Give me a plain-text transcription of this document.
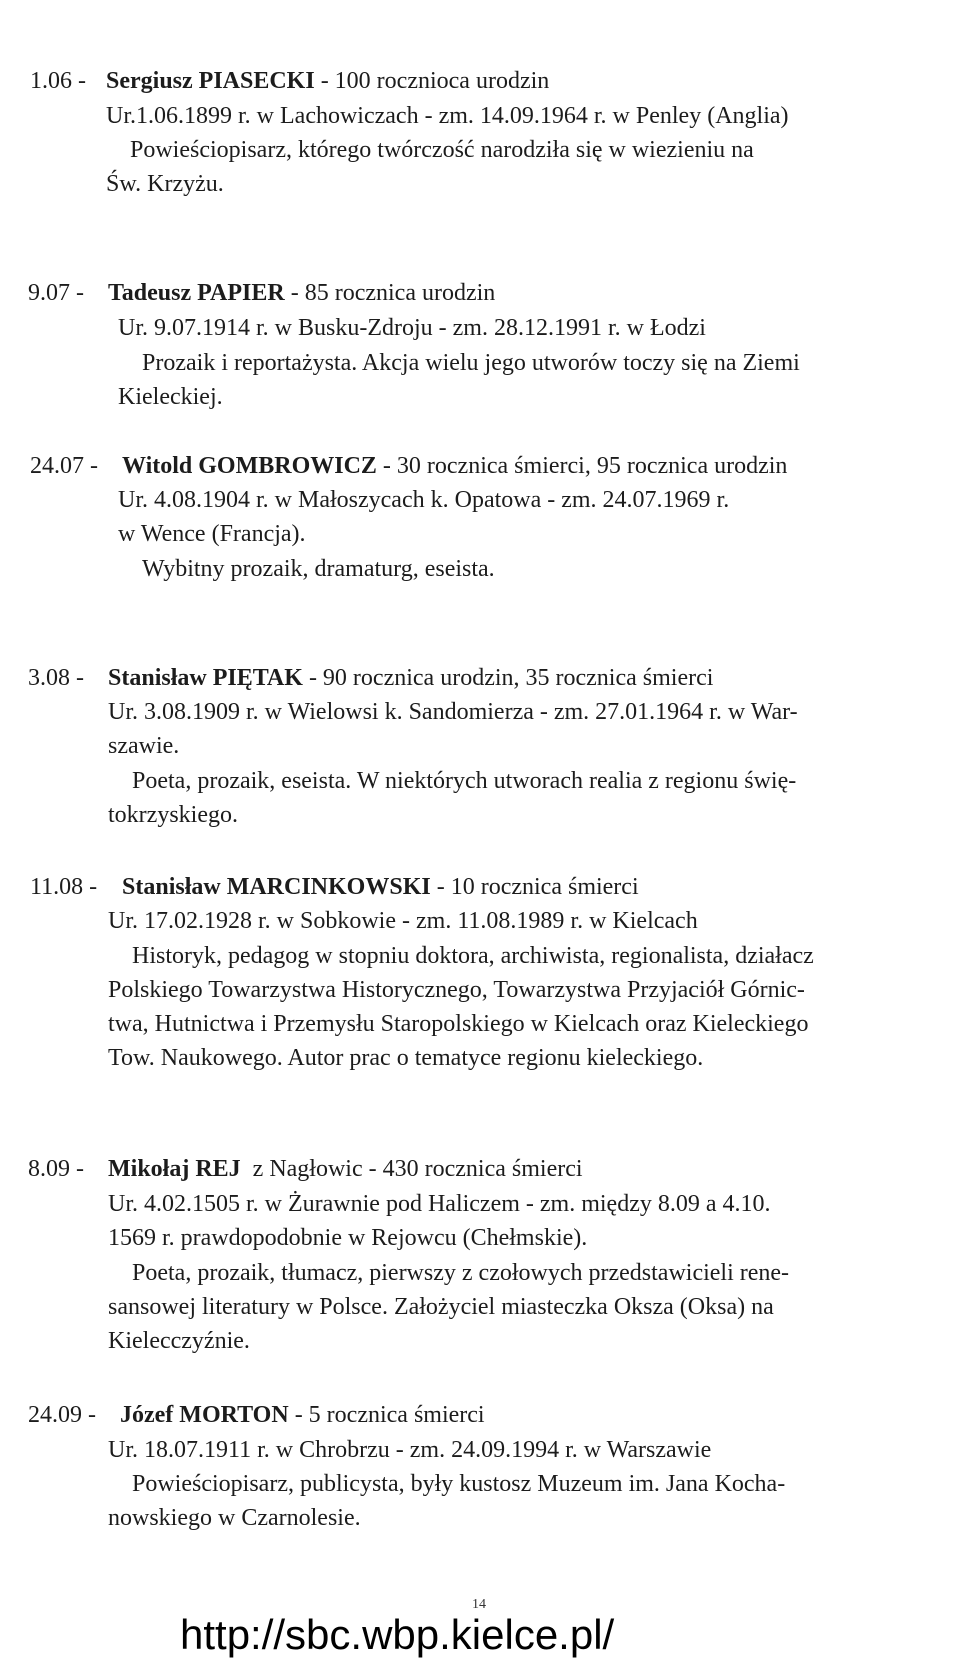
1.06 - Sergiusz PIASECKI - 100 rocznioca urodzin
Ur.1.06.1899 r. w Lachowiczach - zm. 14.09.1964 r. w Penley (Anglia)
Powieściopisarz, którego twórczość narodziła się w wiezieniu na
Św. Krzyżu.
9.07 - Tadeusz PAPIER - 85 rocznica urodzin
Ur. 9.07.1914 r. w Busku-Zdroju - zm. 28.12.1991 r. w Łodzi
Prozaik i reportażysta. Akcja wielu jego utworów toczy się na Ziemi
Kieleckiej.
24.07 - Witold GOMBROWICZ - 30 rocznica śmierci, 95 rocznica urodzin
Ur. 4.08.1904 r. w Małoszycach k. Opatowa - zm. 24.07.1969 r.
w Wence (Francja).
Wybitny prozaik, dramaturg, eseista.
3.08 - Stanisław PIĘTAK - 90 rocznica urodzin, 35 rocznica śmierci
Ur. 3.08.1909 r. w Wielowsi k. Sandomierza - zm. 27.01.1964 r. w War-
szawie.
Poeta, prozaik, eseista. W niektórych utworach realia z regionu świę-
tokrzyskiego.
11.08 - Stanisław MARCINKOWSKI - 10 rocznica śmierci
Ur. 17.02.1928 r. w Sobkowie - zm. 11.08.1989 r. w Kielcach
Historyk, pedagog w stopniu doktora, archiwista, regionalista, działacz
Polskiego Towarzystwa Historycznego, Towarzystwa Przyjaciół Górnic-
twa, Hutnictwa i Przemysłu Staropolskiego w Kielcach oraz Kieleckiego
Tow. Naukowego. Autor prac o tematyce regionu kieleckiego.
8.09 - Mikołaj REJ  z Nagłowic - 430 rocznica śmierci
Ur. 4.02.1505 r. w Żurawnie pod Haliczem - zm. między 8.09 a 4.10.
1569 r. prawdopodobnie w Rejowcu (Chełmskie).
Poeta, prozaik, tłumacz, pierwszy z czołowych przedstawicieli rene-
sansowej literatury w Polsce. Założyciel miasteczka Oksza (Oksa) na
Kielecczyźnie.
24.09 - Józef MORTON - 5 rocznica śmierci
Ur. 18.07.1911 r. w Chrobrzu - zm. 24.09.1994 r. w Warszawie
Powieściopisarz, publicysta, były kustosz Muzeum im. Jana Kocha-
nowskiego w Czarnolesie.
14
http://sbc.wbp.kielce.pl/
